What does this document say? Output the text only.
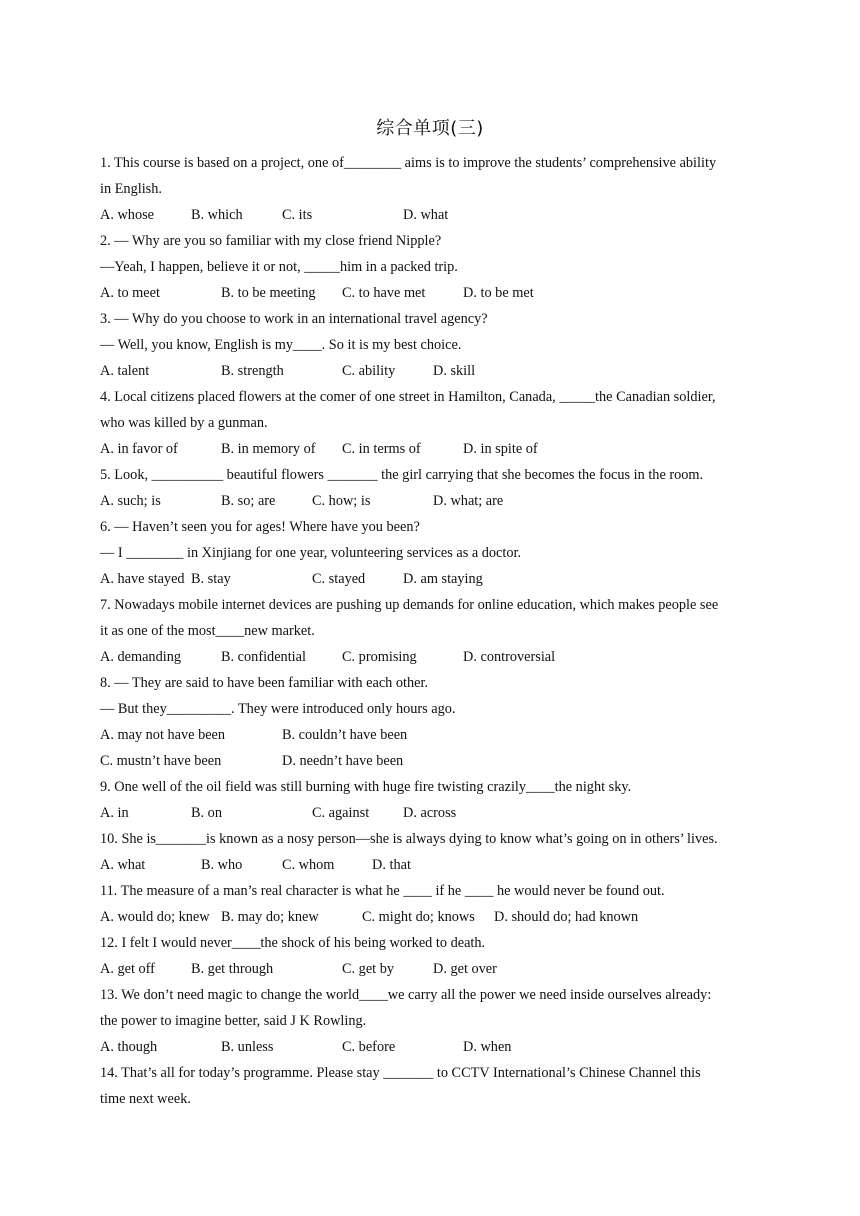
综合单项(三)
1. This course is based on a project, one of________ aims is to improve the students’ comprehensive ability
in English.
A. whose	B. which	C. its	D. what
2. — Why are you so familiar with my close friend Nipple?
—Yeah, I happen, believe it or not, _____him in a packed trip.
A. to meet	B. to be meeting C. to have met	D. to be met
3. — Why do you choose to work in an international travel agency?
— Well, you know, English is my____. So it is my best choice.
A. talent	B. strength	C. ability	D. skill
4. Local citizens placed flowers at the comer of one street in Hamilton, Canada, _____the Canadian soldier,
who was killed by a gunman.
A. in favor of	B. in memory of C. in terms of	D. in spite of
5. Look, __________ beautiful flowers _______ the girl carrying that she becomes the focus in the room.
A. such; is	B. so; are	C. how; is	D. what; are
6. — Haven’t seen you for ages! Where have you been?
— I ________ in Xinjiang for one year, volunteering services as a doctor.
A. have stayed B. stay	C. stayed	D. am staying
7. Nowadays mobile internet devices are pushing up demands for online education, which makes people see
it as one of the most____new market.
A. demanding	B. confidential	C. promising	D. controversial
8. — They are said to have been familiar with each other.
— But they_________. They were introduced only hours ago.
A. may not have been	B. couldn’t have been
C. mustn’t have been	D. needn’t have been
9. One well of the oil field was still burning with huge fire twisting crazily____the night sky.
A. in	B. on	C. against D. across
10. She is_______is known as a nosy person—she is always dying to know what’s going on in others’ lives.
A. what	B. who	C. whom	D. that
11. The measure of a man’s real character is what he ____ if he ____ he would never be found out.
A. would do; knew B. may do; knew	C. might do; knows D. should do; had known
12. I felt I would never____the shock of his being worked to death.
A. get off	B. get through	C. get by	D. get over
13. We don’t need magic to change the world____we carry all the power we need inside ourselves already:
the power to imagine better, said J K Rowling.
A. though	B. unless	C. before	D. when
14. That’s all for today’s programme. Please stay _______ to CCTV International’s Chinese Channel this
time next week.
